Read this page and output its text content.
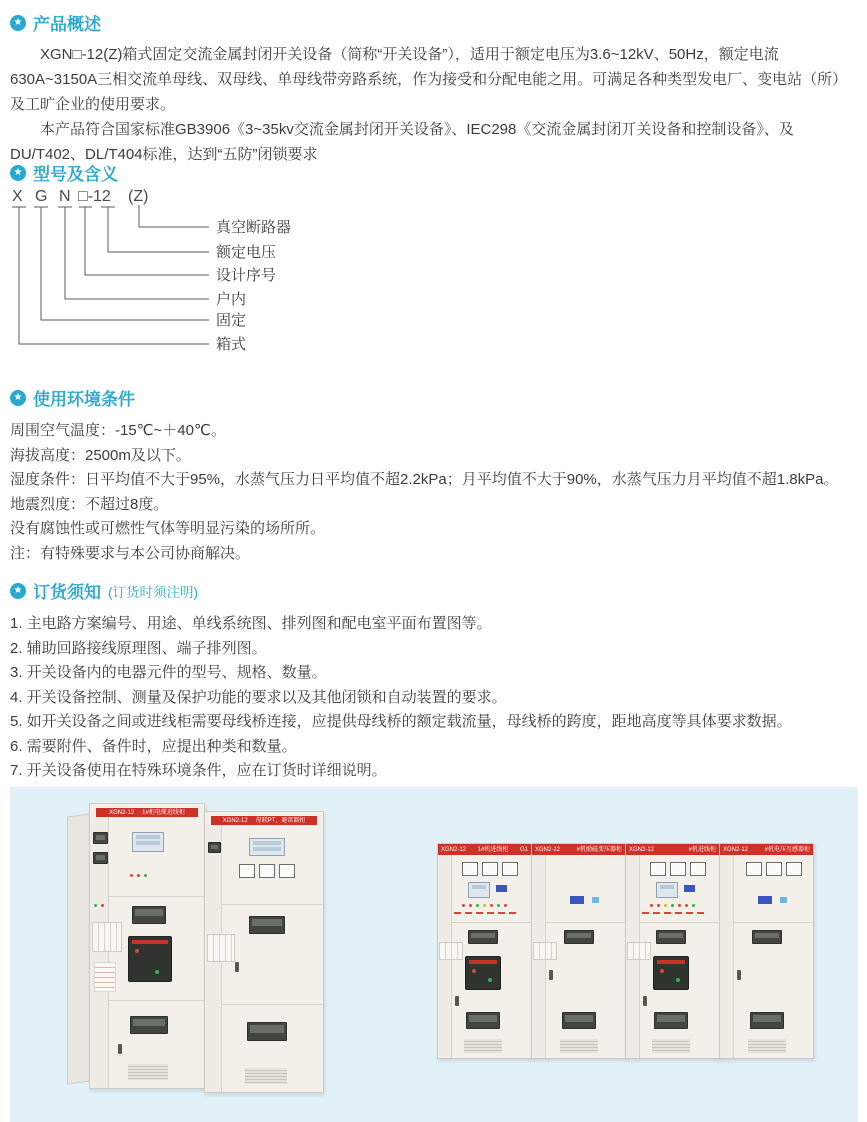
★ 产品概述

XGN□-12(Z)箱式固定交流金属封闭开关设备（简称“开关设备”），适用于额定电压为3.6~12kV、50Hz，额定电流630A~3150A三相交流单母线、双母线、单母线带旁路系统，作为接受和分配电能之用。可满足各种类型发电厂、变电站（所）及工旷企业的使用要求。

本产品符合国家标准GB3906《3~35kv交流金属封闭开关设备》、IEC298《交流金属封闭丌关设备和控制设备》、及DU/T402、DL/T404标准，达到“五防”闭锁要求

★ 型号及含义
X G N □-12 (Z)
真空断路器
额定电压
设计序号
户内
固定
箱式
★ 使用环境条件

周围空气温度：-15℃~＋40℃。

海拔高度：2500m及以下。

湿度条件：日平均值不大于95%，水蒸气压力日平均值不超2.2kPa；月平均值不大于90%，水蒸气压力月平均值不超1.8kPa。

地震烈度：不超过8度。

没有腐蚀性或可燃性气体等明显污染的场所所。

注：有特殊要求与本公司协商解决。

★ 订货须知 (订货时须注明)

1. 主电路方案编号、用途、单线系统图、排列图和配电室平面布置图等。

2. 辅助回路接线原理图、端子排列图。

3. 开关设备内的电器元件的型号、规格、数量。

4. 开关设备控制、测量及保护功能的要求以及其他闭锁和自动装置的要求。

5. 如开关设备之间或进线柜需要母线桥连接，应提供母线桥的额定载流量，母线桥的跨度，距地高度等具体要求数据。

6. 需要附件、备件时，应提出种类和数量。

7. 开关设备使用在特殊环境条件，应在订货时详细说明。

XGN2-12 1#柜电缆进线柜
XGN2-12 母联PT、避雷器柜
XGN2-12 1#机进线柜 G1 XGN2-12	#机励磁变压器柜 XGN2-12	#机进线柜 XGN2-12	#机电压互感器柜
